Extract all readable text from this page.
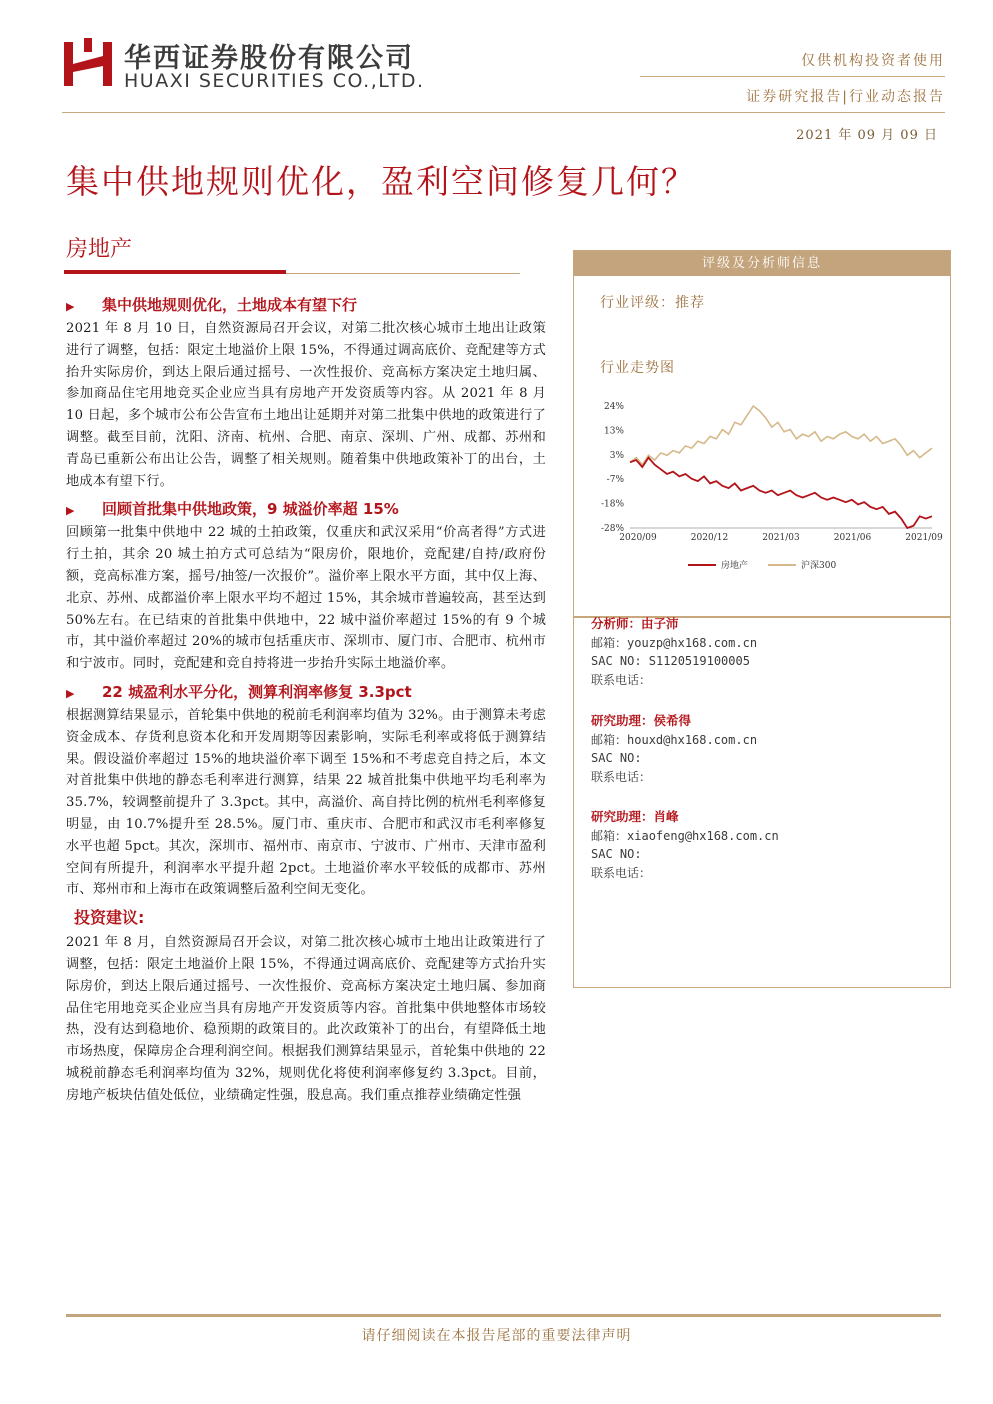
华西证券股份有限公司
HUAXI SECURITIES CO.,LTD.
仅供机构投资者使用
证券研究报告|行业动态报告
2021 年 09 月 09 日
集中供地规则优化，盈利空间修复几何？
房地产
▶ 集中供地规则优化，土地成本有望下行

2021 年 8 月 10 日，自然资源局召开会议，对第二批次核心城市土地出让政策进行了调整，包括：限定土地溢价上限 15%，不得通过调高底价、竞配建等方式抬升实际房价，到达上限后通过摇号、一次性报价、竞高标方案决定土地归属、参加商品住宅用地竞买企业应当具有房地产开发资质等内容。从 2021 年 8 月 10 日起，多个城市公布公告宣布土地出让延期并对第二批集中供地的政策进行了调整。截至目前，沈阳、济南、杭州、合肥、南京、深圳、广州、成都、苏州和青岛已重新公布出让公告，调整了相关规则。随着集中供地政策补丁的出台，土地成本有望下行。

▶ 回顾首批集中供地政策，9 城溢价率超 15%

回顾第一批集中供地中 22 城的土拍政策，仅重庆和武汉采用“价高者得”方式进行土拍，其余 20 城土拍方式可总结为“限房价，限地价，竞配建/自持/政府份额，竞高标准方案，摇号/抽签/一次报价”。溢价率上限水平方面，其中仅上海、北京、苏州、成都溢价率上限水平均不超过 15%，其余城市普遍较高，甚至达到 50%左右。在已结束的首批集中供地中，22 城中溢价率超过 15%的有 9 个城市，其中溢价率超过 20%的城市包括重庆市、深圳市、厦门市、合肥市、杭州市和宁波市。同时，竞配建和竞自持将进一步抬升实际土地溢价率。

▶ 22 城盈利水平分化，测算利润率修复 3.3pct

根据测算结果显示，首轮集中供地的税前毛利润率均值为 32%。由于测算未考虑资金成本、存货利息资本化和开发周期等因素影响，实际毛利率或将低于测算结果。假设溢价率超过 15%的地块溢价率下调至 15%和不考虑竞自持之后，本文对首批集中供地的静态毛利率进行测算，结果 22 城首批集中供地平均毛利率为 35.7%，较调整前提升了 3.3pct。其中，高溢价、高自持比例的杭州毛利率修复明显，由 10.7%提升至 28.5%。厦门市、重庆市、合肥市和武汉市毛利率修复水平也超 5pct。其次，深圳市、福州市、南京市、宁波市、广州市、天津市盈利空间有所提升，利润率水平提升超 2pct。土地溢价率水平较低的成都市、苏州市、郑州市和上海市在政策调整后盈利空间无变化。

投资建议:

2021 年 8 月，自然资源局召开会议，对第二批次核心城市土地出让政策进行了调整，包括：限定土地溢价上限 15%，不得通过调高底价、竞配建等方式抬升实际房价，到达上限后通过摇号、一次性报价、竞高标方案决定土地归属、参加商品住宅用地竞买企业应当具有房地产开发资质等内容。首批集中供地整体市场较热，没有达到稳地价、稳预期的政策目的。此次政策补丁的出台，有望降低土地市场热度，保障房企合理利润空间。根据我们测算结果显示，首轮集中供地的 22 城税前静态毛利润率均值为 32%，规则优化将使利润率修复约 3.3pct。目前，房地产板块估值处低位，业绩确定性强，股息高。我们重点推荐业绩确定性强

评级及分析师信息
行业评级：推荐
行业走势图
24%
13%
3%
-7%
-18%
-28%
2020/09	2020/12	2021/03	2021/06	2021/09
房地产	沪深300
分析师：由子沛
邮箱：youzp@hx168.com.cn
SAC NO: S1120519100005
联系电话：
研究助理：侯希得
邮箱：houxd@hx168.com.cn
SAC NO:
联系电话：
研究助理：肖峰
邮箱：xiaofeng@hx168.com.cn
SAC NO:
联系电话：
请仔细阅读在本报告尾部的重要法律声明
